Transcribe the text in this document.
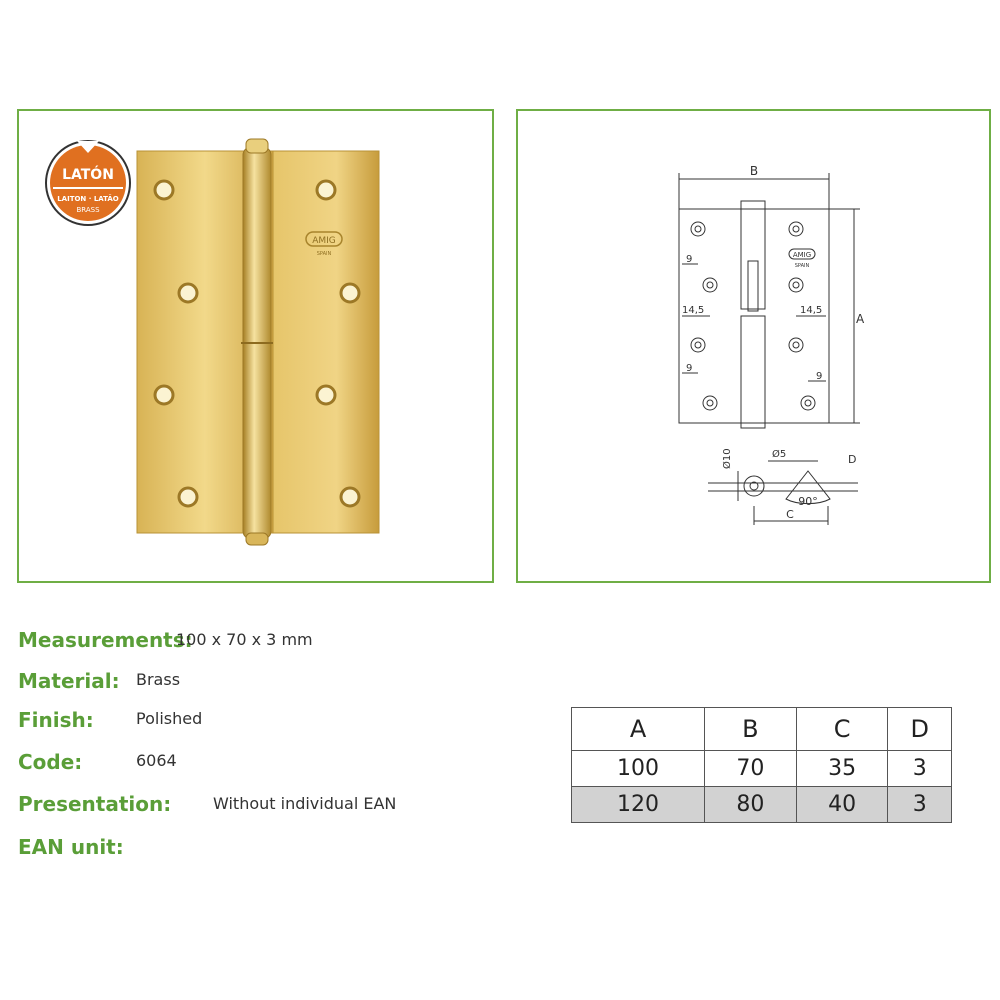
AMIG
SPAIN
LATÓN
LAITON · LATÃO
BRASS
B
A
AMIG
SPAIN
9
14,5
9
14,5
9
90°
Ø10	Ø5
C
D
Measurements:
100 x 70 x 3 mm
Material: Brass
Finish:	Polished
Code:	6064
Presentation:	Without individual EAN
EAN unit:
A	B	C	D
100	70	35	3
120	80	40	3
